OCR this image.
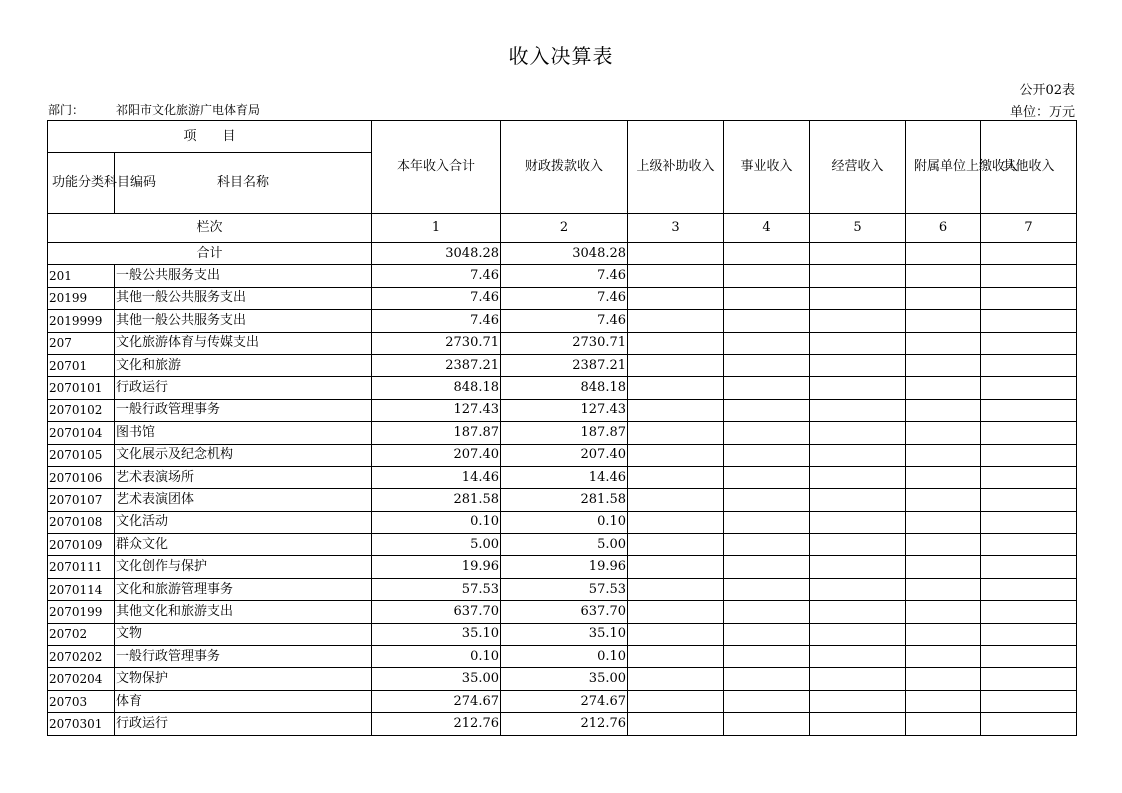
收入决算表
公开02表
部门：	祁阳市文化旅游广电体育局	单位：万元
项　　目		本年收入合计	财政拨款收入	上级补助收入	事业收入	经营收入	附属单位上缴收入	其他收入
功能分类科目编码	科目名称							
栏次		1	2	3	4	5	6	7
合计		3048.28	3048.28					
201	一般公共服务支出	7.46	7.46					
20199	其他一般公共服务支出	7.46	7.46					
2019999	其他一般公共服务支出	7.46	7.46					
207	文化旅游体育与传媒支出	2730.71	2730.71					
20701	文化和旅游	2387.21	2387.21					
2070101	行政运行	848.18	848.18					
2070102	一般行政管理事务	127.43	127.43					
2070104	图书馆	187.87	187.87					
2070105	文化展示及纪念机构	207.40	207.40					
2070106	艺术表演场所	14.46	14.46					
2070107	艺术表演团体	281.58	281.58					
2070108	文化活动	0.10	0.10					
2070109	群众文化	5.00	5.00					
2070111	文化创作与保护	19.96	19.96					
2070114	文化和旅游管理事务	57.53	57.53					
2070199	其他文化和旅游支出	637.70	637.70					
20702	文物	35.10	35.10					
2070202	一般行政管理事务	0.10	0.10					
2070204	文物保护	35.00	35.00					
20703	体育	274.67	274.67					
2070301	行政运行	212.76	212.76					
